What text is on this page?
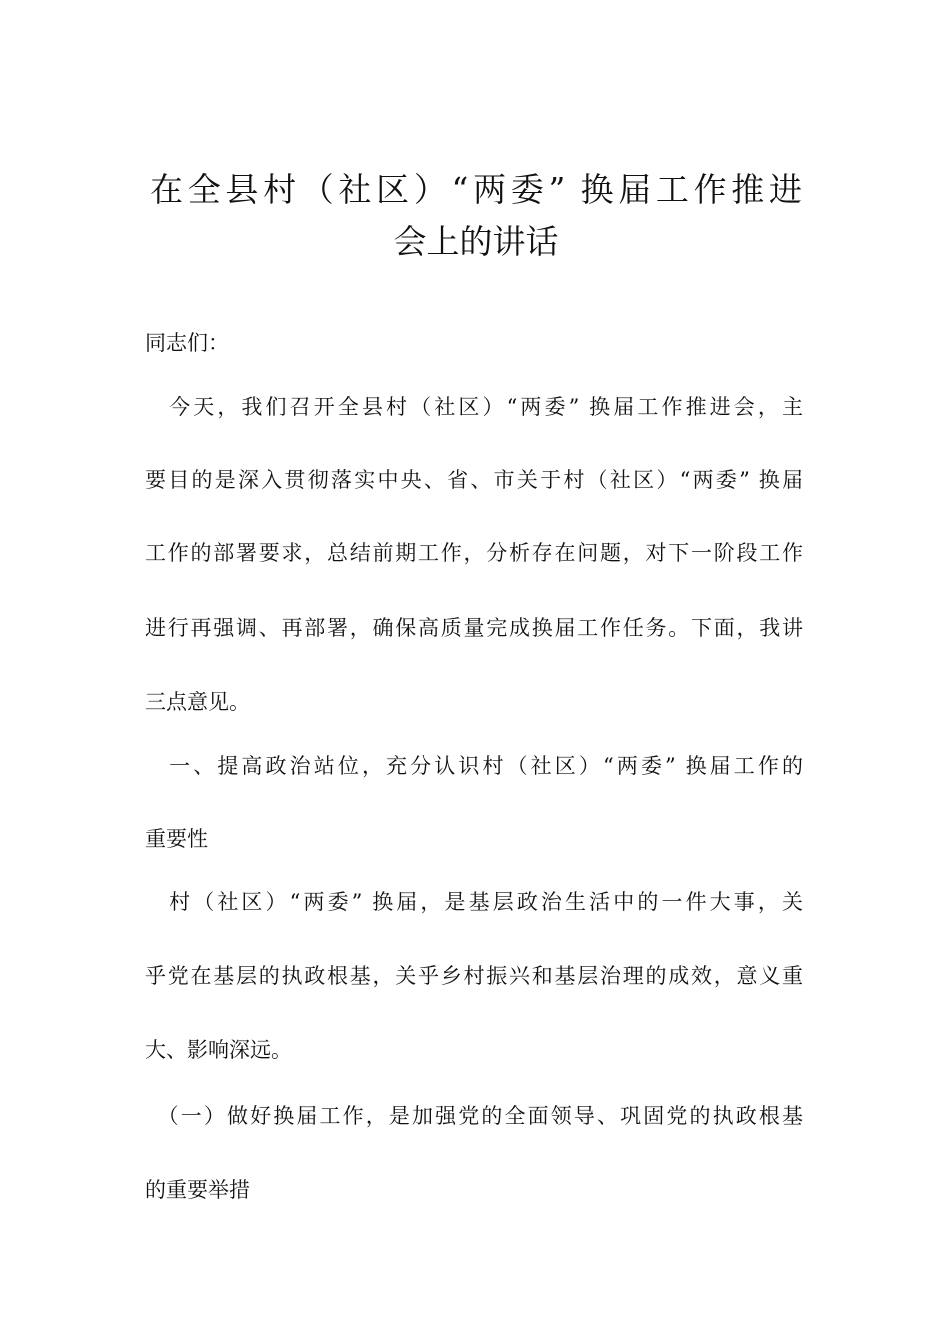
在全县村（社区）“两委” 换届工作推进
会上的讲话
同志们：
　今天，我们召开全县村（社区）“两委” 换届工作推进会，主
要目的是深入贯彻落实中央、省、市关于村（社区）“两委” 换届
工作的部署要求，总结前期工作，分析存在问题，对下一阶段工作
进行再强调、再部署，确保高质量完成换届工作任务。下面，我讲
三点意见。
　一、提高政治站位，充分认识村（社区）“两委” 换届工作的
重要性
　村（社区）“两委” 换届，是基层政治生活中的一件大事，关
乎党在基层的执政根基，关乎乡村振兴和基层治理的成效，意义重
大、影响深远。
　（一）做好换届工作，是加强党的全面领导、巩固党的执政根基
的重要举措
